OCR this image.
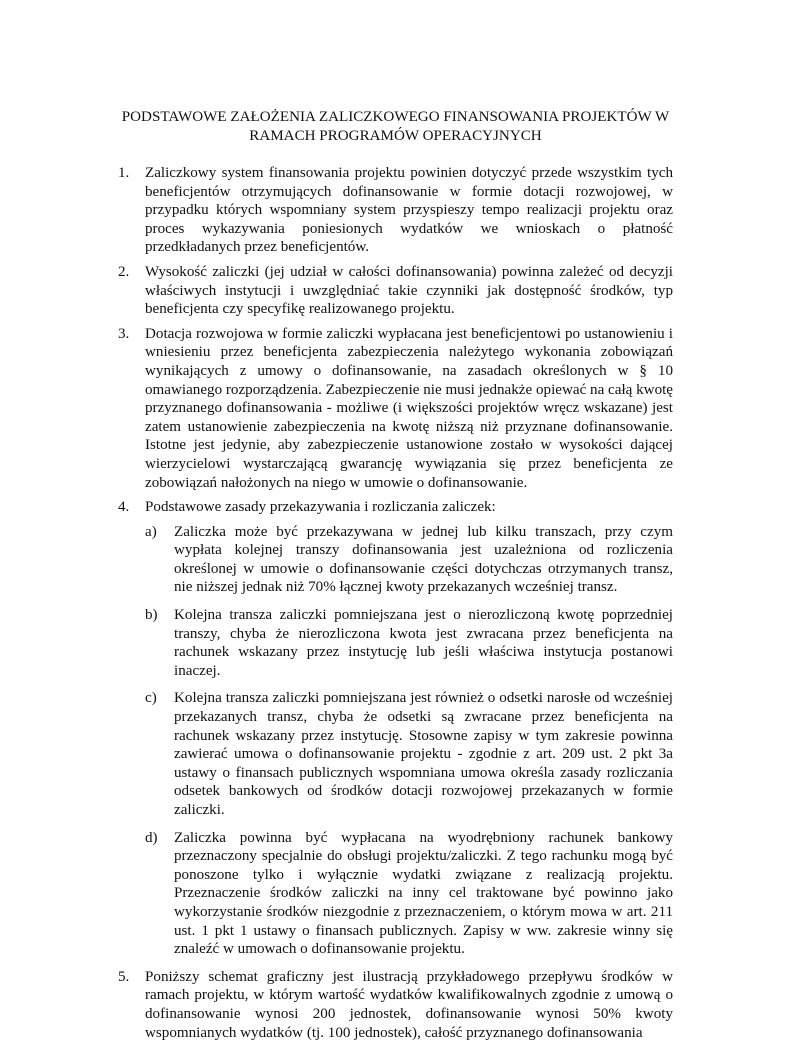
PODSTAWOWE ZAŁOŻENIA ZALICZKOWEGO FINANSOWANIA PROJEKTÓW W
RAMACH PROGRAMÓW OPERACYJNYCH
1. Zaliczkowy system finansowania projektu powinien dotyczyć przede wszystkim tych beneficjentów otrzymujących dofinansowanie w formie dotacji rozwojowej, w przypadku których wspomniany system przyspieszy tempo realizacji projektu oraz proces wykazywania poniesionych wydatków we wnioskach o płatność przedkładanych przez beneficjentów.

2. Wysokość zaliczki (jej udział w całości dofinansowania) powinna zależeć od decyzji właściwych instytucji i uwzględniać takie czynniki jak dostępność środków, typ beneficjenta czy specyfikę realizowanego projektu.

3. Dotacja rozwojowa w formie zaliczki wypłacana jest beneficjentowi po ustanowieniu i wniesieniu przez beneficjenta zabezpieczenia należytego wykonania zobowiązań wynikających z umowy o dofinansowanie, na zasadach określonych w § 10 omawianego rozporządzenia. Zabezpieczenie nie musi jednakże opiewać na całą kwotę przyznanego dofinansowania - możliwe (i większości projektów wręcz wskazane) jest zatem ustanowienie zabezpieczenia na kwotę niższą niż przyznane dofinansowanie. Istotne jest jedynie, aby zabezpieczenie ustanowione zostało w wysokości dającej wierzycielowi wystarczającą gwarancję wywiązania się przez beneficjenta ze zobowiązań nałożonych na niego w umowie o dofinansowanie.

4. Podstawowe zasady przekazywania i rozliczania zaliczek:

a) Zaliczka może być przekazywana w jednej lub kilku transzach, przy czym wypłata kolejnej transzy dofinansowania jest uzależniona od rozliczenia określonej w umowie o dofinansowanie części dotychczas otrzymanych transz, nie niższej jednak niż 70% łącznej kwoty przekazanych wcześniej transz.

b) Kolejna transza zaliczki pomniejszana jest o nierozliczoną kwotę poprzedniej transzy, chyba że nierozliczona kwota jest zwracana przez beneficjenta na rachunek wskazany przez instytucję lub jeśli właściwa instytucja postanowi inaczej.

c) Kolejna transza zaliczki pomniejszana jest również o odsetki narosłe od wcześniej przekazanych transz, chyba że odsetki są zwracane przez beneficjenta na rachunek wskazany przez instytucję. Stosowne zapisy w tym zakresie powinna zawierać umowa o dofinansowanie projektu - zgodnie z art. 209 ust. 2 pkt 3a ustawy o finansach publicznych wspomniana umowa określa zasady rozliczania odsetek bankowych od środków dotacji rozwojowej przekazanych w formie zaliczki.

d) Zaliczka powinna być wypłacana na wyodrębniony rachunek bankowy przeznaczony specjalnie do obsługi projektu/zaliczki. Z tego rachunku mogą być ponoszone tylko i wyłącznie wydatki związane z realizacją projektu. Przeznaczenie środków zaliczki na inny cel traktowane być powinno jako wykorzystanie środków niezgodnie z przeznaczeniem, o którym mowa w art. 211 ust. 1 pkt 1 ustawy o finansach publicznych. Zapisy w ww. zakresie winny się znaleźć w umowach o dofinansowanie projektu.

5. Poniższy schemat graficzny jest ilustracją przykładowego przepływu środków w ramach projektu, w którym wartość wydatków kwalifikowalnych zgodnie z umową o dofinansowanie wynosi 200 jednostek, dofinansowanie wynosi 50% kwoty wspomnianych wydatków (tj. 100 jednostek), całość przyznanego dofinansowania
